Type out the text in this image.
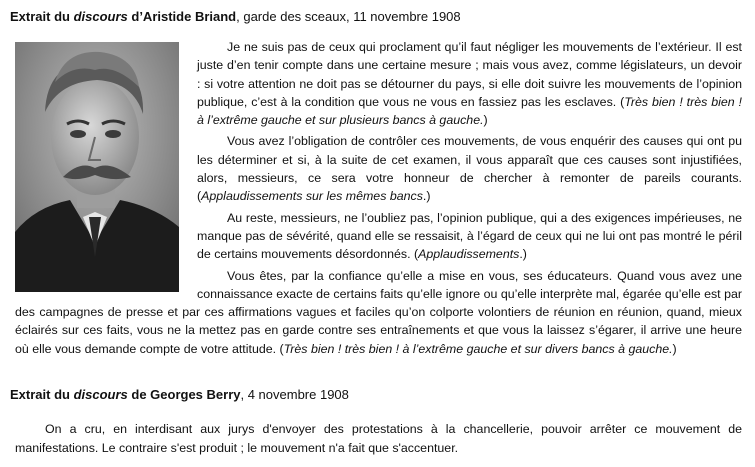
Extrait du discours d’Aristide Briand, garde des sceaux, 11 novembre 1908

Je ne suis pas de ceux qui proclament qu’il faut négliger les mouvements de l’extérieur. Il est juste d’en tenir compte dans une certaine mesure ; mais vous avez, comme législateurs, un devoir : si votre attention ne doit pas se détourner du pays, si elle doit suivre les mouvements de l’opinion publique, c’est à la condition que vous ne vous en fassiez pas les esclaves. (Très bien ! très bien ! à l’extrême gauche et sur plusieurs bancs à gauche.)

Vous avez l’obligation de contrôler ces mouvements, de vous enquérir des causes qui ont pu les déterminer et si, à la suite de cet examen, il vous apparaît que ces causes sont injustifiées, alors, messieurs, ce sera votre honneur de chercher à remonter de pareils courants. (Applaudissements sur les mêmes bancs.)

Au reste, messieurs, ne l’oubliez pas, l’opinion publique, qui a des exigences impérieuses, ne manque pas de sévérité, quand elle se ressaisit, à l’égard de ceux qui ne lui ont pas montré le péril de certains mouvements désordonnés. (Applaudissements.)

Vous êtes, par la confiance qu’elle a mise en vous, ses éducateurs. Quand vous avez une connaissance exacte de certains faits qu’elle ignore ou qu’elle interprète mal, égarée qu’elle est par des campagnes de presse et par ces affirmations vagues et faciles qu’on colporte volontiers de réunion en réunion, quand, mieux éclairés sur ces faits, vous ne la mettez pas en garde contre ses entraînements et que vous la laissez s’égarer, il arrive une heure où elle vous demande compte de votre attitude. (Très bien ! très bien ! à l’extrême gauche et sur divers bancs à gauche.)

Extrait du discours de Georges Berry, 4 novembre 1908

On a cru, en interdisant aux jurys d'envoyer des protestations à la chancellerie, pouvoir arrêter ce mouvement de manifestations. Le contraire s'est produit ; le mouvement n'a fait que s'accentuer.
